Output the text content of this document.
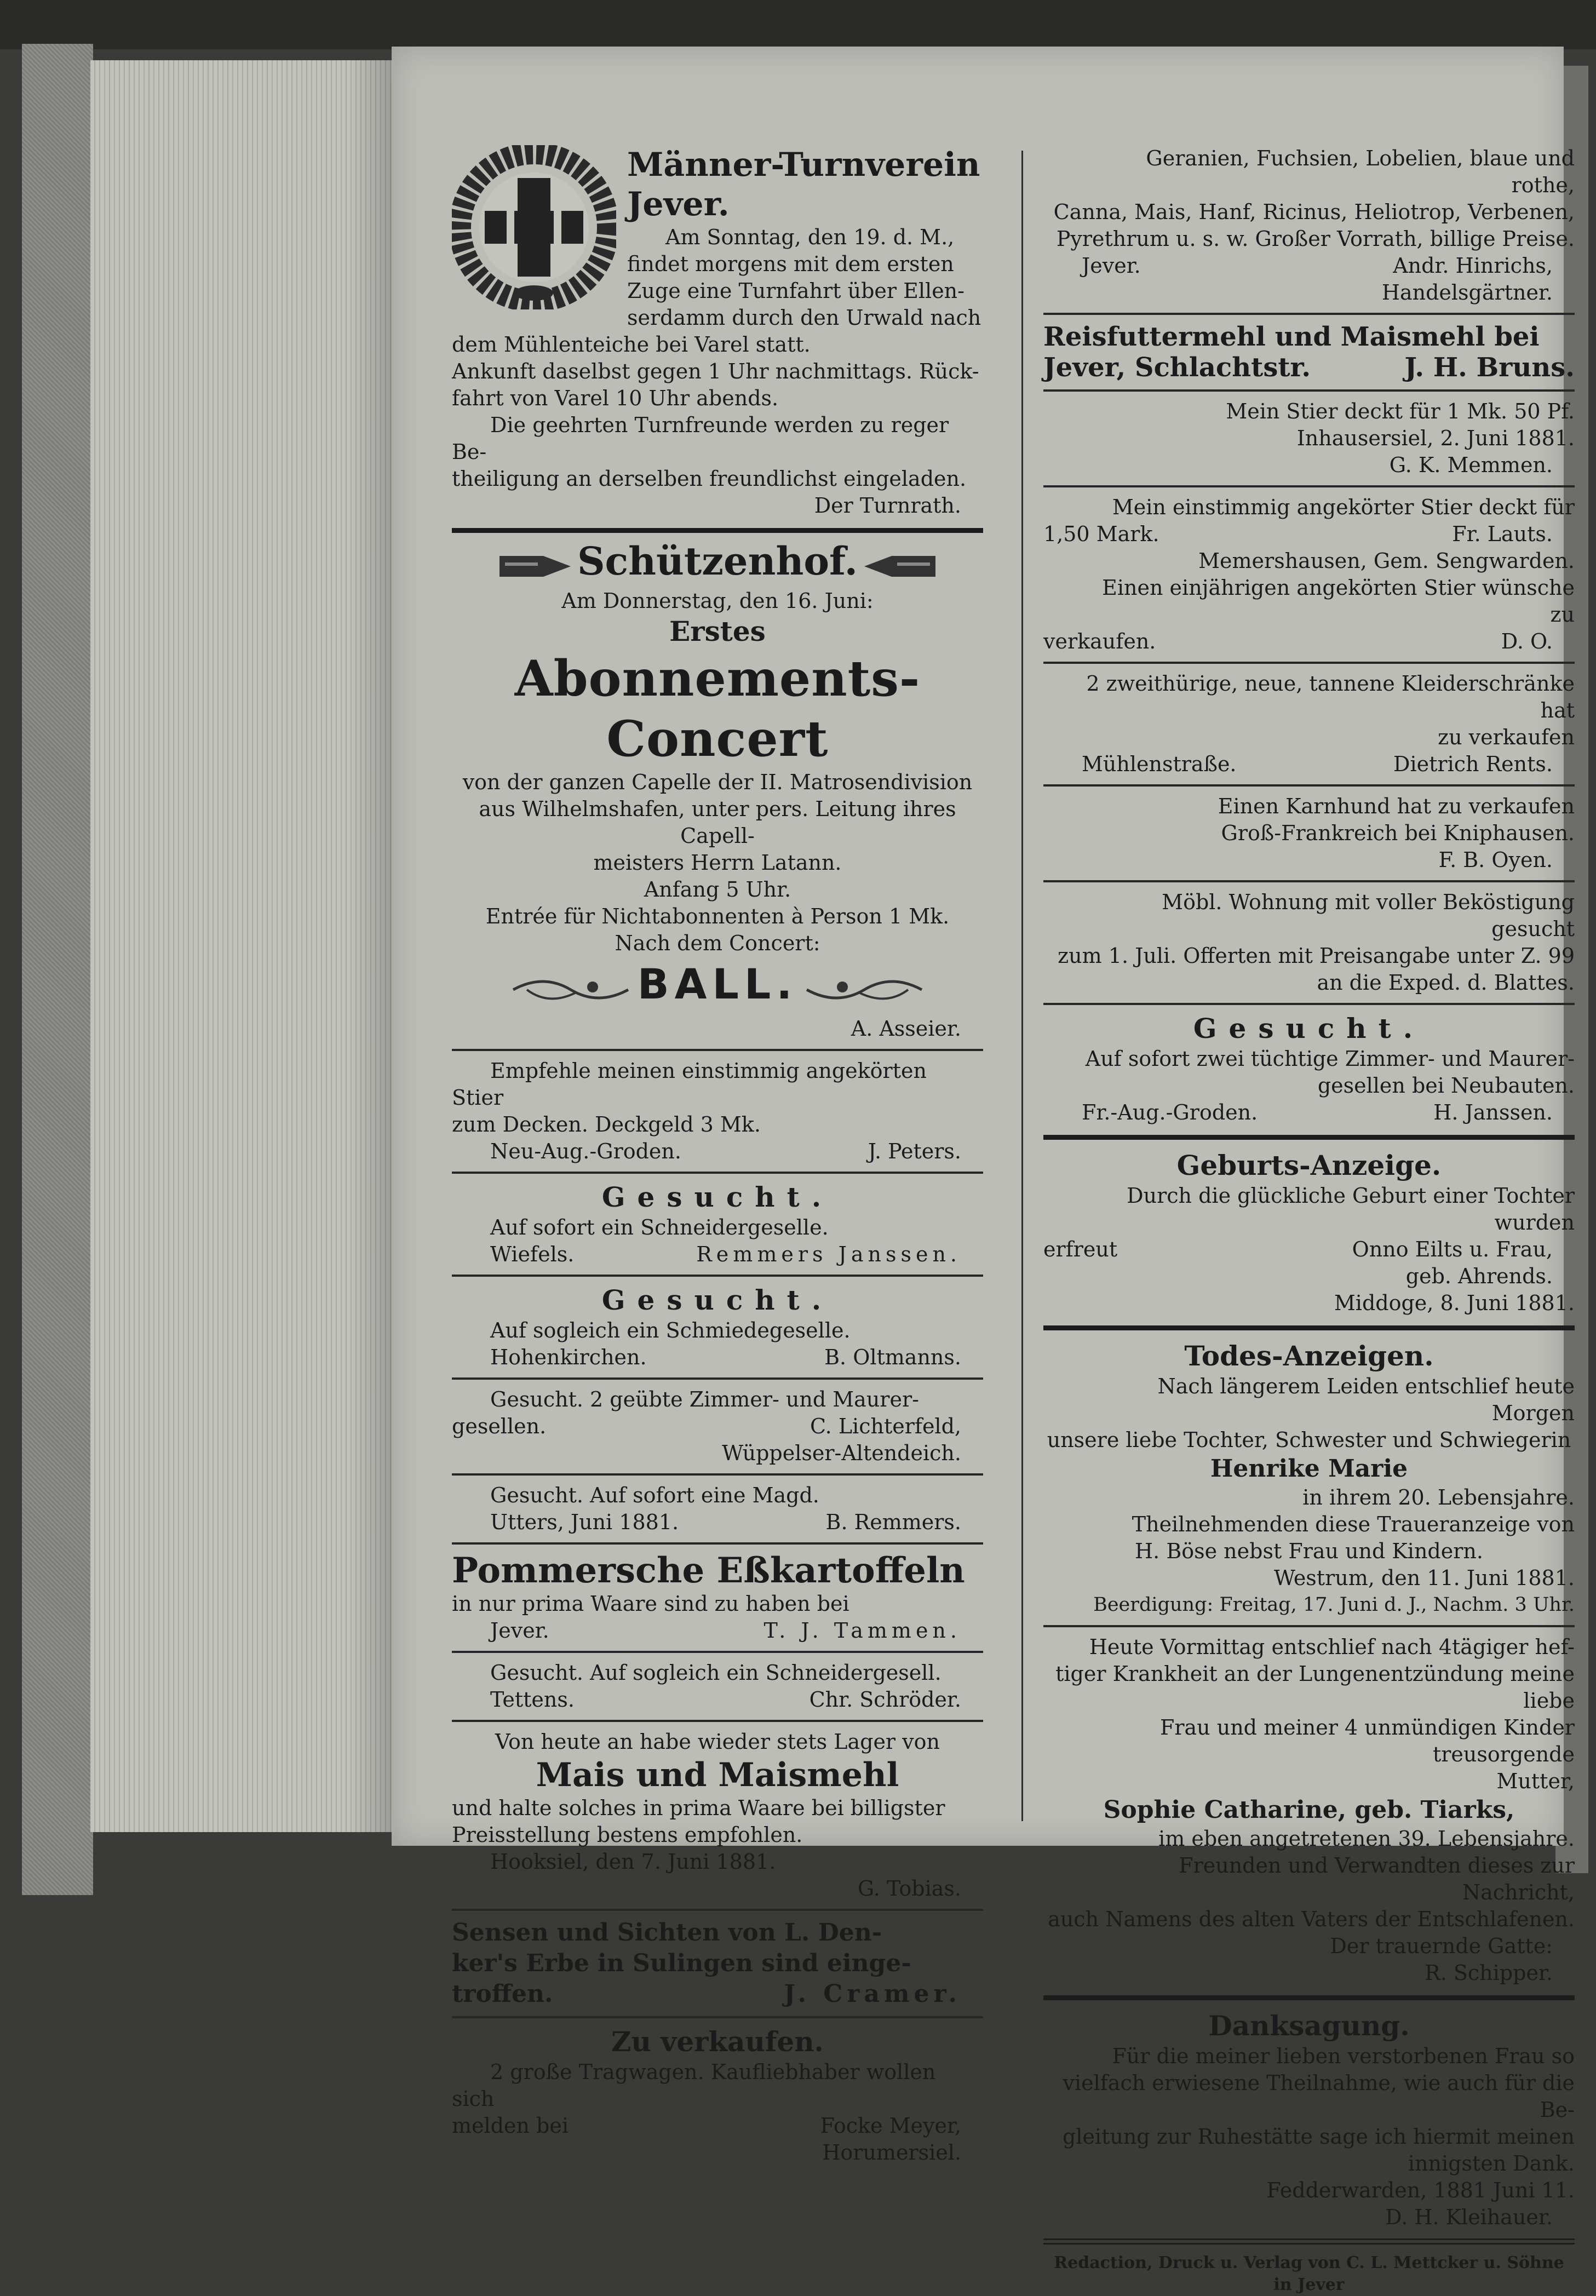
Männer-Turnverein Jever.
Am Sonntag, den 19. d. M.,
findet morgens mit dem ersten
Zuge eine Turnfahrt über Ellen-
serdamm durch den Urwald nach
dem Mühlenteiche bei Varel statt.
Ankunft daselbst gegen 1 Uhr nachmittags. Rück-
fahrt von Varel 10 Uhr abends.
Die geehrten Turnfreunde werden zu reger Be-
theiligung an derselben freundlichst eingeladen.
Der Turnrath.
Schützenhof.
Am Donnerstag, den 16. Juni:
Erstes
Abonnements-Concert
von der ganzen Capelle der II. Matrosendivision
aus Wilhelmshafen, unter pers. Leitung ihres Capell-
meisters Herrn Latann.
Anfang 5 Uhr.
Entrée für Nichtabonnenten à Person 1 Mk.
Nach dem Concert:
BALL.
A. Asseier.
Empfehle meinen einstimmig angekörten Stier
zum Decken. Deckgeld 3 Mk.
Neu-Aug.-Groden.	J. Peters.
Gesucht.
Auf sofort ein Schneidergeselle.
Wiefels.	Remmers Janssen.
Gesucht.
Auf sogleich ein Schmiedegeselle.
Hohenkirchen.	B. Oltmanns.
Gesucht. 2 geübte Zimmer- und Maurer-
gesellen.	C. Lichterfeld,
Wüppelser-Altendeich.
Gesucht. Auf sofort eine Magd.
Utters, Juni 1881.	B. Remmers.
Pommersche Eßkartoffeln
in nur prima Waare sind zu haben bei
Jever.	T. J. Tammen.
Gesucht. Auf sogleich ein Schneidergesell.
Tettens.	Chr. Schröder.
Von heute an habe wieder stets Lager von
Mais und Maismehl
und halte solches in prima Waare bei billigster
Preisstellung bestens empfohlen.
Hooksiel, den 7. Juni 1881.
G. Tobias.
Sensen und Sichten von L. Den-
ker's Erbe in Sulingen sind einge-
troffen.	J. Cramer.
Zu verkaufen.
2 große Tragwagen. Kaufliebhaber wollen sich
melden bei	Focke Meyer,
Horumersiel.
Geranien, Fuchsien, Lobelien, blaue und rothe,
Canna, Mais, Hanf, Ricinus, Heliotrop, Verbenen,
Pyrethrum u. s. w. Großer Vorrath, billige Preise.
Jever.	Andr. Hinrichs,
Handelsgärtner.
Reisfuttermehl und Maismehl bei
Jever, Schlachtstr.	J. H. Bruns.
Mein Stier deckt für 1 Mk. 50 Pf.
Inhausersiel, 2. Juni 1881.
G. K. Memmen.
Mein einstimmig angekörter Stier deckt für
1,50 Mark.	Fr. Lauts.
Memershausen, Gem. Sengwarden.
Einen einjährigen angekörten Stier wünsche zu
verkaufen.	D. O.
2 zweithürige, neue, tannene Kleiderschränke hat
zu verkaufen
Mühlenstraße.	Dietrich Rents.
Einen Karnhund hat zu verkaufen
Groß-Frankreich bei Kniphausen.
F. B. Oyen.
Möbl. Wohnung mit voller Beköstigung gesucht
zum 1. Juli. Offerten mit Preisangabe unter Z. 99
an die Exped. d. Blattes.
Gesucht.
Auf sofort zwei tüchtige Zimmer- und Maurer-
gesellen bei Neubauten.
Fr.-Aug.-Groden.	H. Janssen.
Geburts-Anzeige.
Durch die glückliche Geburt einer Tochter wurden
erfreut	Onno Eilts u. Frau,
geb. Ahrends.
Middoge, 8. Juni 1881.
Todes-Anzeigen.
Nach längerem Leiden entschlief heute Morgen
unsere liebe Tochter, Schwester und Schwiegerin
Henrike Marie
in ihrem 20. Lebensjahre.
Theilnehmenden diese Traueranzeige von
H. Böse nebst Frau und Kindern.
Westrum, den 11. Juni 1881.
Beerdigung: Freitag, 17. Juni d. J., Nachm. 3 Uhr.
Heute Vormittag entschlief nach 4tägiger hef-
tiger Krankheit an der Lungenentzündung meine liebe
Frau und meiner 4 unmündigen Kinder treusorgende
Mutter,
Sophie Catharine, geb. Tiarks,
im eben angetretenen 39. Lebensjahre.
Freunden und Verwandten dieses zur Nachricht,
auch Namens des alten Vaters der Entschlafenen.
Der trauernde Gatte:
R. Schipper.
Danksagung.
Für die meiner lieben verstorbenen Frau so
vielfach erwiesene Theilnahme, wie auch für die Be-
gleitung zur Ruhestätte sage ich hiermit meinen
innigsten Dank.
Fedderwarden, 1881 Juni 11.
D. H. Kleihauer.
Redaction, Druck u. Verlag von C. L. Mettcker u. Söhne in Jever
